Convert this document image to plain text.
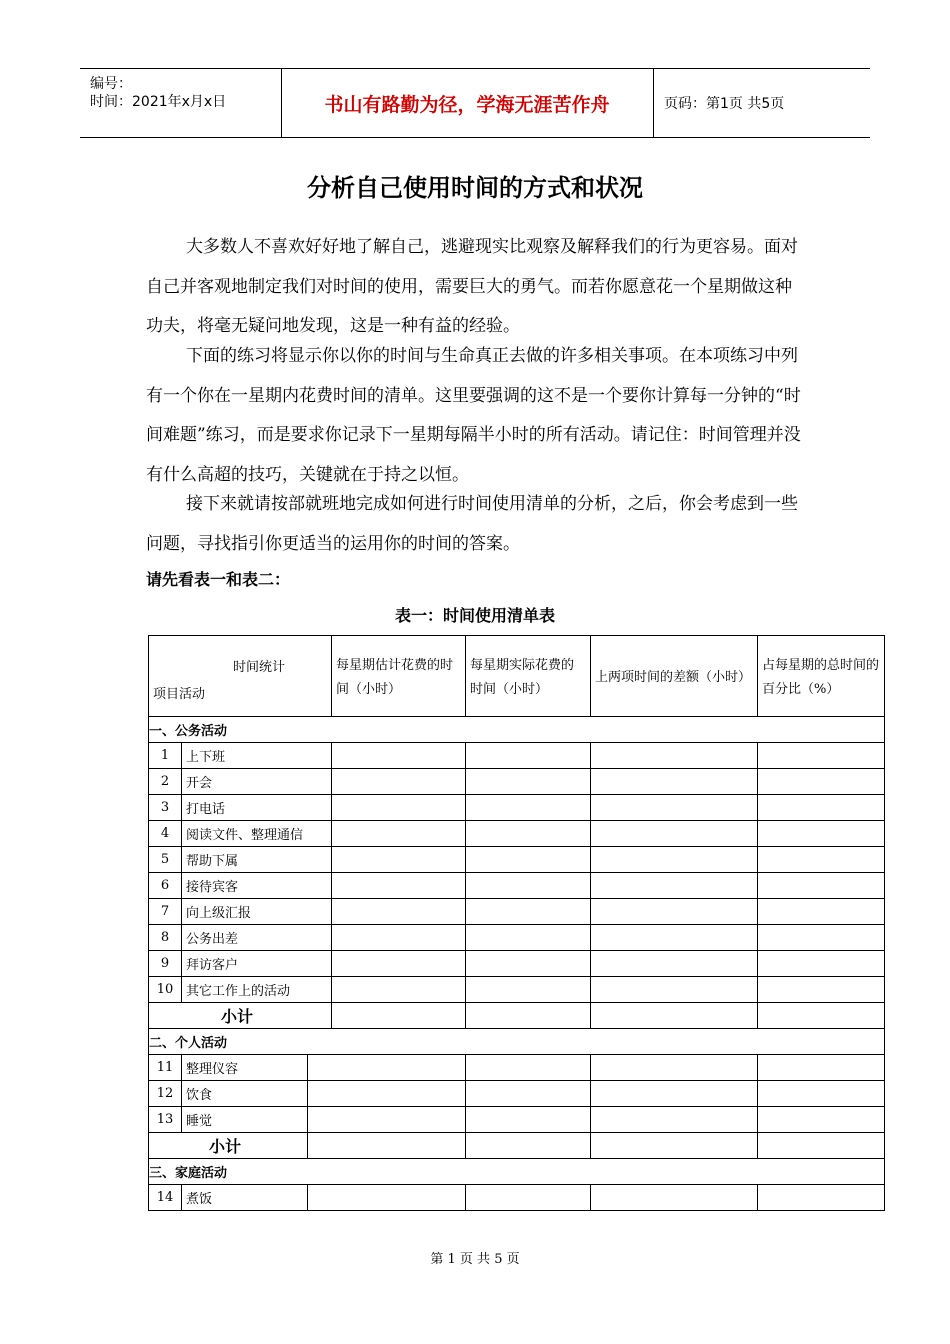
编号：
时间：2021年x月x日	书山有路勤为径，学海无涯苦作舟	页码：第1页 共5页
分析自己使用时间的方式和状况

大多数人不喜欢好好地了解自己，逃避现实比观察及解释我们的行为更容易。面对自己并客观地制定我们对时间的使用，需要巨大的勇气。而若你愿意花一个星期做这种功夫，将毫无疑问地发现，这是一种有益的经验。

下面的练习将显示你以你的时间与生命真正去做的许多相关事项。在本项练习中列有一个你在一星期内花费时间的清单。这里要强调的这不是一个要你计算每一分钟的“时间难题”练习，而是要求你记录下一星期每隔半小时的所有活动。请记住：时间管理并没有什么高超的技巧，关键就在于持之以恒。

接下来就请按部就班地完成如何进行时间使用清单的分析，之后，你会考虑到一些问题，寻找指引你更适当的运用你的时间的答案。

请先看表一和表二：
表一：时间使用清单表
时间统计
项目活动			每星期估计花费的时间（小时）	每星期实际花费的时间（小时）	上两项时间的差额（小时）	占每星期的总时间的百分比（%）
一、公务活动						
1	上下班					
2	开会					
3	打电话					
4	阅读文件、整理通信					
5	帮助下属					
6	接待宾客					
7	向上级汇报					
8	公务出差					
9	拜访客户					
10	其它工作上的活动					
小计						
二、个人活动						
11	整理仪容					
12	饮食					
13	睡觉					
小计						
三、家庭活动						
14	煮饭					
第 1 页 共 5 页
